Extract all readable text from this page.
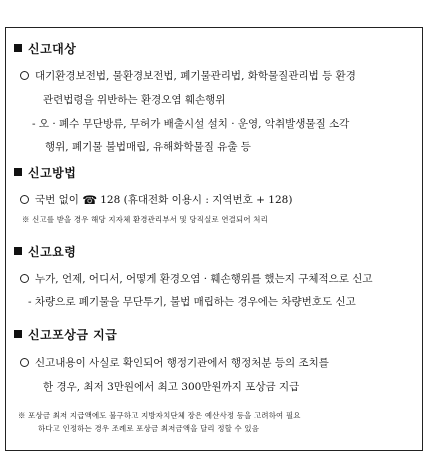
신고대상
대기환경보전법, 물환경보전법, 폐기물관리법, 화학물질관리법 등 환경
관련법령을 위반하는 환경오염 훼손행위
- 오 · 폐수 무단방류, 무허가 배출시설 설치 · 운영, 악취발생물질 소각
행위, 폐기물 불법매립, 유해화학물질 유출 등
신고방법
국번 없이 ☎ 128 (휴대전화 이용시 : 지역번호 + 128)
※ 신고를 받을 경우 해당 지자체 환경관리부서 및 당직실로 연결되어 처리
신고요령
누가, 언제, 어디서, 어떻게 환경오염 · 훼손행위를 했는지 구체적으로 신고
- 차량으로 폐기물을 무단투기, 불법 매립하는 경우에는 차량번호도 신고
신고포상금 지급
신고내용이 사실로 확인되어 행정기관에서 행정처분 등의 조치를
한 경우, 최저 3만원에서 최고 300만원까지 포상금 지급
※ 포상금 최저 지급액에도 불구하고 지방자치단체 장은 예산사정 등을 고려하여 필요
하다고 인정하는 경우 조례로 포상금 최저금액을 달리 정할 수 있음
